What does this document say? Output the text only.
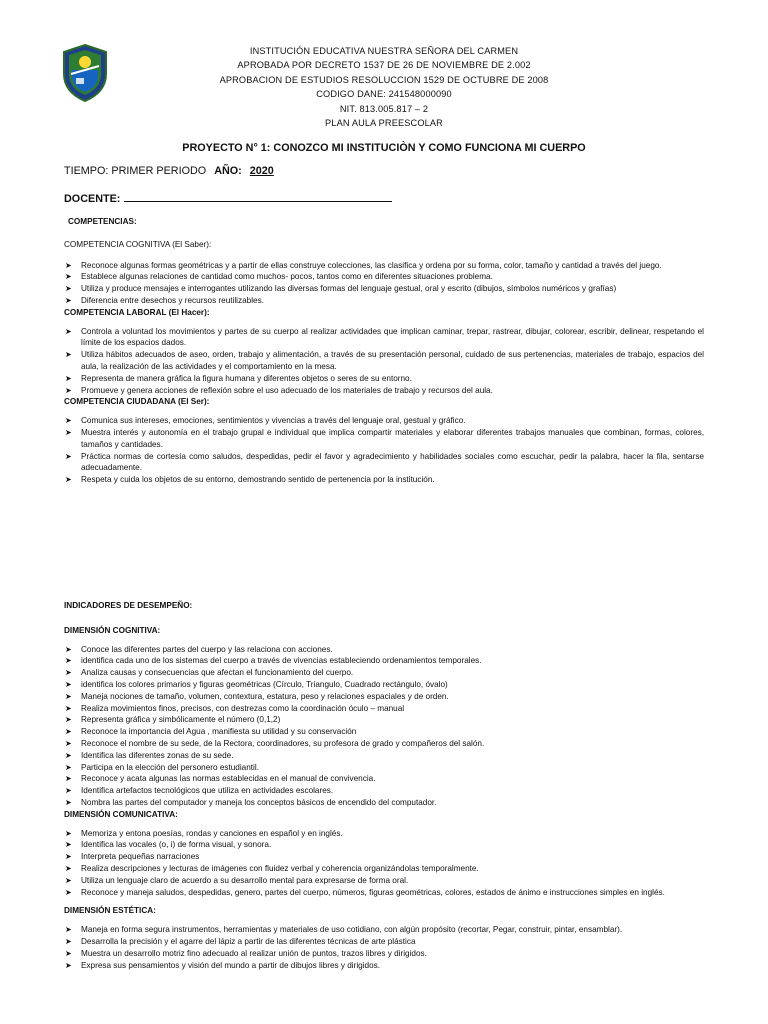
INSTITUCIÓN EDUCATIVA NUESTRA SEÑORA DEL CARMEN
APROBADA POR DECRETO 1537 DE 26 DE NOVIEMBRE DE 2.002
APROBACION DE ESTUDIOS RESOLUCCION 1529 DE OCTUBRE DE 2008
CODIGO DANE: 241548000090
NIT. 813.005.817 – 2
PLAN AULA PREESCOLAR
PROYECTO N° 1: CONOZCO MI INSTITUCIÒN Y COMO FUNCIONA MI CUERPO
TIEMPO: PRIMER PERIODO AÑO: 2020
DOCENTE:
COMPETENCIAS:
COMPETENCIA COGNITIVA (El Saber):
➤ Reconoce algunas formas geométricas y a partir de ellas construye colecciones, las clasifica y ordena por su forma, color, tamaño y cantidad a través del juego.
➤ Establece algunas relaciones de cantidad como muchos- pocos, tantos como en diferentes situaciones problema.
➤ Utiliza y produce mensajes e interrogantes utilizando las diversas formas del lenguaje gestual, oral y escrito (dibujos, símbolos numéricos y grafías)
➤ Diferencia entre desechos y recursos reutilizables.
COMPETENCIA LABORAL (El Hacer):
➤ Controla a voluntad los movimientos y partes de su cuerpo al realizar actividades que implican caminar, trepar, rastrear, dibujar, colorear, escribir, delinear, respetando el límite de los espacios dados.
➤ Utiliza hábitos adecuados de aseo, orden, trabajo y alimentación, a través de su presentación personal, cuidado de sus pertenencias, materiales de trabajo, espacios del aula, la realización de las actividades y el comportamiento en la mesa.
➤ Representa de manera gráfica la figura humana y diferentes objetos o seres de su entorno.
➤ Promueve y genera acciones de reflexión sobre el uso adecuado de los materiales de trabajo y recursos del aula.
COMPETENCIA CIUDADANA (El Ser):
➤ Comunica sus intereses, emociones, sentimientos y vivencias a través del lenguaje oral, gestual y gráfico.
➤ Muestra interés y autonomía en el trabajo grupal e individual que implica compartir materiales y elaborar diferentes trabajos manuales que combinan, formas, colores, tamaños y cantidades.
➤ Práctica normas de cortesía como saludos, despedidas, pedir el favor y agradecimiento y habilidades sociales como escuchar, pedir la palabra, hacer la fila, sentarse adecuadamente.
➤ Respeta y cuida los objetos de su entorno, demostrando sentido de pertenencia por la institución.
INDICADORES DE DESEMPEÑO:
DIMENSIÓN COGNITIVA:
➤ Conoce las diferentes partes del cuerpo y las relaciona con acciones.
➤ identifica cada uno de los sistemas del cuerpo a través de vivencias estableciendo ordenamientos temporales.
➤ Analiza causas y consecuencias que afectan el funcionamiento del cuerpo.
➤ identifica los colores primarios y figuras geométricas (Círculo, Triangulo, Cuadrado rectángulo, óvalo)
➤ Maneja nociones de tamaño, volumen, contextura, estatura, peso y relaciones espaciales y de orden.
➤ Realiza movimientos finos, precisos, con destrezas como la coordinación óculo – manual
➤ Representa gráfica y simbólicamente el número (0,1,2)
➤ Reconoce la importancia del Agua , manifiesta su utilidad y su conservación
➤ Reconoce el nombre de su sede, de la Rectora, coordinadores, su profesora de grado y compañeros del salón.
➤ Identifica las diferentes zonas de su sede.
➤ Participa en la elección del personero estudiantil.
➤ Reconoce y acata algunas las normas establecidas en el manual de convivencia.
➤ Identifica artefactos tecnológicos que utiliza en actividades escolares.
➤ Nombra las partes del computador y maneja los conceptos básicos de encendido del computador.
DIMENSIÓN COMUNICATIVA:
➤ Memoriza y entona poesías, rondas y canciones en español y en inglés.
➤ Identifica las vocales (o, i) de forma visual, y sonora.
➤ Interpreta pequeñas narraciones
➤ Realiza descripciones y lecturas de imágenes con fluidez verbal y coherencia organizándolas temporalmente.
➤ Utiliza un lenguaje claro de acuerdo a su desarrollo mental para expresarse de forma oral.
➤ Reconoce y maneja saludos, despedidas, genero, partes del cuerpo, números, figuras geométricas, colores, estados de ánimo e instrucciones simples en inglés.
DIMENSIÓN ESTÉTICA:
➤ Maneja en forma segura instrumentos, herramientas y materiales de uso cotidiano, con algún propósito (recortar, Pegar, construir, pintar, ensamblar).
➤ Desarrolla la precisión y el agarre del lápiz a partir de las diferentes técnicas de arte plástica
➤ Muestra un desarrollo motriz fino adecuado al realizar unión de puntos, trazos libres y dirigidos.
➤ Expresa sus pensamientos y visión del mundo a partir de dibujos libres y dirigidos.
